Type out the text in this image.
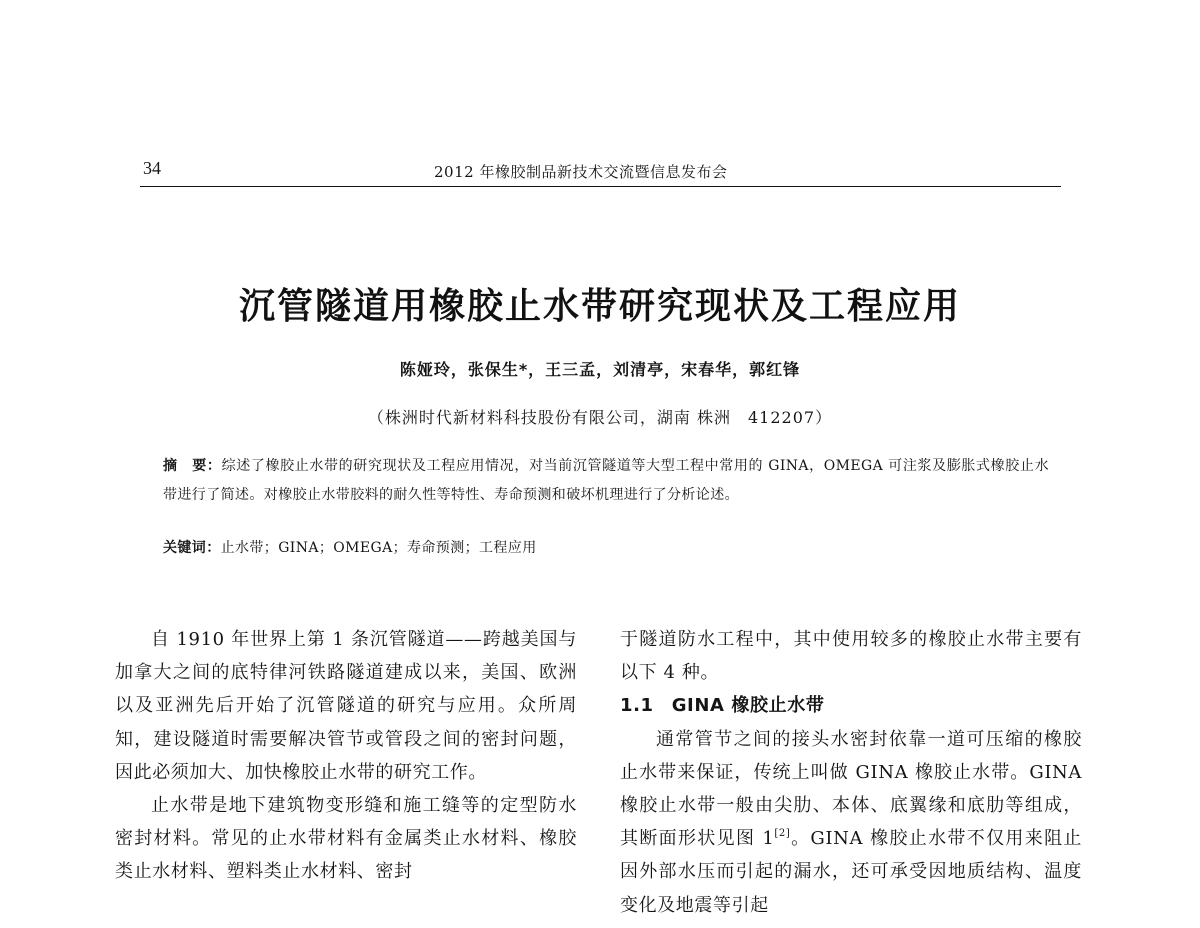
34	2012 年橡胶制品新技术交流暨信息发布会
沉管隧道用橡胶止水带研究现状及工程应用
陈娅玲，张保生*，王三孟，刘清亭，宋春华，郭红锋
（株洲时代新材料科技股份有限公司，湖南 株洲　412207）
摘　要：综述了橡胶止水带的研究现状及工程应用情况，对当前沉管隧道等大型工程中常用的 GINA，OMEGA 可注浆及膨胀式橡胶止水带进行了简述。对橡胶止水带胶料的耐久性等特性、寿命预测和破坏机理进行了分析论述。
关键词：止水带；GINA；OMEGA；寿命预测；工程应用

自 1910 年世界上第 1 条沉管隧道——跨越美国与加拿大之间的底特律河铁路隧道建成以来，美国、欧洲以及亚洲先后开始了沉管隧道的研究与应用。众所周知，建设隧道时需要解决管节或管段之间的密封问题，因此必须加大、加快橡胶止水带的研究工作。

止水带是地下建筑物变形缝和施工缝等的定型防水密封材料。常见的止水带材料有金属类止水材料、橡胶类止水材料、塑料类止水材料、密封

于隧道防水工程中，其中使用较多的橡胶止水带主要有以下 4 种。

1.1 GINA 橡胶止水带

通常管节之间的接头水密封依靠一道可压缩的橡胶止水带来保证，传统上叫做 GINA 橡胶止水带。GINA 橡胶止水带一般由尖肋、本体、底翼缘和底肋等组成，其断面形状见图 1[2]。GINA 橡胶止水带不仅用来阻止因外部水压而引起的漏水，还可承受因地质结构、温度变化及地震等引起
